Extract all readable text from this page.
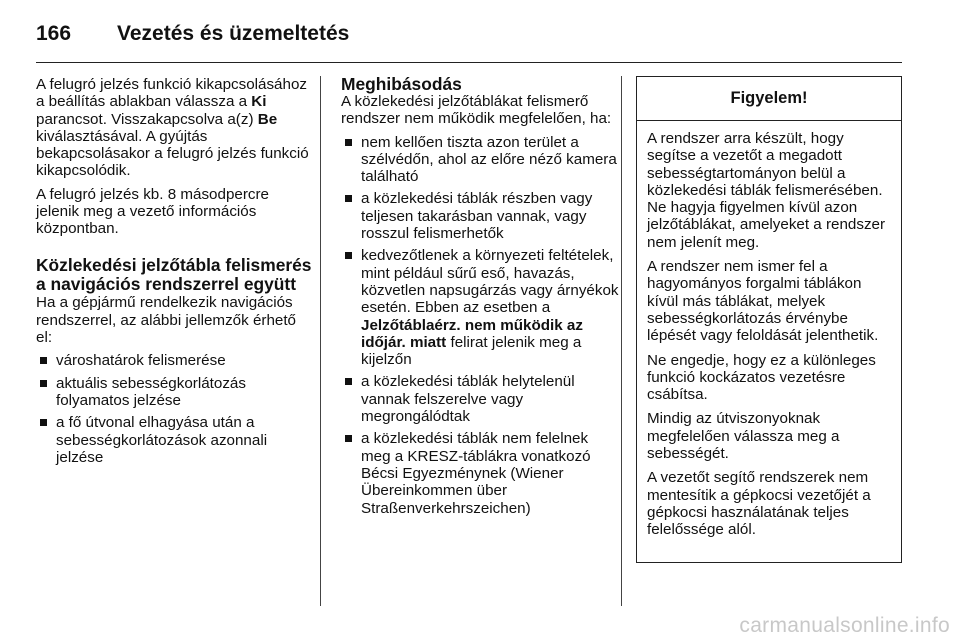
166	Vezetés és üzemeltetés

A felugró jelzés funkció kikapcsolásához a beállítás ablakban válassza a Ki parancsot. Visszakapcsolva a(z) Be kiválasztásával. A gyújtás bekapcsolásakor a felugró jelzés funkció kikapcsolódik.

A felugró jelzés kb. 8 másodpercre jelenik meg a vezető információs központban.

Közlekedési jelzőtábla felismerés a navigációs rendszerrel együtt

Ha a gépjármű rendelkezik navigációs rendszerrel, az alábbi jellemzők érhető el:

városhatárok felismerése
aktuális sebességkorlátozás folyamatos jelzése
a fő útvonal elhagyása után a sebességkorlátozások azonnali jelzése
Meghibásodás

A közlekedési jelzőtáblákat felismerő rendszer nem működik megfelelően, ha:

nem kellően tiszta azon terület a szélvédőn, ahol az előre néző kamera található
a közlekedési táblák részben vagy teljesen takarásban vannak, vagy rosszul felismerhetők
kedvezőtlenek a környezeti feltételek, mint például sűrű eső, havazás, közvetlen napsugárzás vagy árnyékok esetén. Ebben az esetben a Jelzőtáblaérz. nem működik az időjár. miatt felirat jelenik meg a kijelzőn
a közlekedési táblák helytelenül vannak felszerelve vagy megrongálódtak
a közlekedési táblák nem felelnek meg a KRESZ-táblákra vonatkozó Bécsi Egyezménynek (Wiener Übereinkommen über Straßenverkehrszeichen)
Figyelem!

A rendszer arra készült, hogy segítse a vezetőt a megadott sebességtartományon belül a közlekedési táblák felismerésében. Ne hagyja figyelmen kívül azon jelzőtáblákat, amelyeket a rendszer nem jelenít meg.

A rendszer nem ismer fel a hagyományos forgalmi táblákon kívül más táblákat, melyek sebességkorlátozás érvénybe lépését vagy feloldását jelenthetik.

Ne engedje, hogy ez a különleges funkció kockázatos vezetésre csábítsa.

Mindig az útviszonyoknak megfelelően válassza meg a sebességét.

A vezetőt segítő rendszerek nem mentesítik a gépkocsi vezetőjét a gépkocsi használatának teljes felelőssége alól.

carmanualsonline.info
